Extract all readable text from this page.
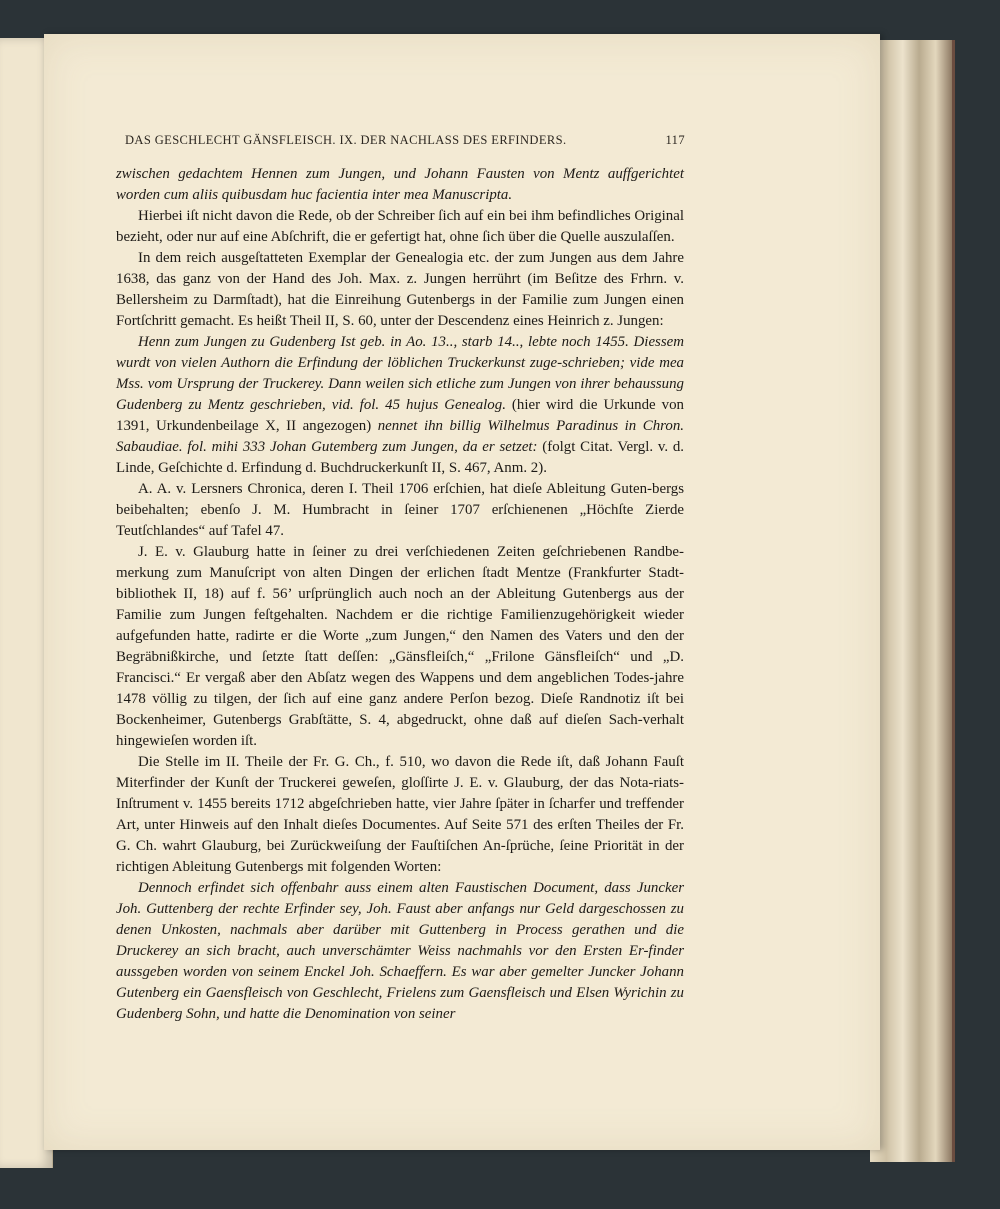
DAS GESCHLECHT GÄNSFLEISCH. IX. DER NACHLASS DES ERFINDERS.	117

zwischen gedachtem Hennen zum Jungen, und Johann Fausten von Mentz auffgerichtet worden cum aliis quibusdam huc facientia inter mea Manuscripta.

Hierbei iſt nicht davon die Rede, ob der Schreiber ſich auf ein bei ihm befindliches Original bezieht, oder nur auf eine Abſchrift, die er gefertigt hat, ohne ſich über die Quelle auszulaſſen.

In dem reich ausgeſtatteten Exemplar der Genealogia etc. der zum Jungen aus dem Jahre 1638, das ganz von der Hand des Joh. Max. z. Jungen herrührt (im Beſitze des Frhrn. v. Bellersheim zu Darmſtadt), hat die Einreihung Gutenbergs in der Familie zum Jungen einen Fortſchritt gemacht. Es heißt Theil II, S. 60, unter der Descendenz eines Heinrich z. Jungen:

Henn zum Jungen zu Gudenberg Ist geb. in Ao. 13.., starb 14.., lebte noch 1455. Diessem wurdt von vielen Authorn die Erfindung der löblichen Truckerkunst zuge-schrieben; vide mea Mss. vom Ursprung der Truckerey. Dann weilen sich etliche zum Jungen von ihrer behaussung Gudenberg zu Mentz geschrieben, vid. fol. 45 hujus Genealog. (hier wird die Urkunde von 1391, Urkundenbeilage X, II angezogen) nennet ihn billig Wilhelmus Paradinus in Chron. Sabaudiae. fol. mihi 333 Johan Gutemberg zum Jungen, da er setzet: (folgt Citat. Vergl. v. d. Linde, Geſchichte d. Erfindung d. Buchdruckerkunſt II, S. 467, Anm. 2).

A. A. v. Lersners Chronica, deren I. Theil 1706 erſchien, hat dieſe Ableitung Guten-bergs beibehalten; ebenſo J. M. Humbracht in ſeiner 1707 erſchienenen „Höchſte Zierde Teutſchlandes“ auf Tafel 47.

J. E. v. Glauburg hatte in ſeiner zu drei verſchiedenen Zeiten geſchriebenen Randbe-merkung zum Manuſcript von alten Dingen der erlichen ſtadt Mentze (Frankfurter Stadt-bibliothek II, 18) auf f. 56’ urſprünglich auch noch an der Ableitung Gutenbergs aus der Familie zum Jungen feſtgehalten. Nachdem er die richtige Familienzugehörigkeit wieder aufgefunden hatte, radirte er die Worte „zum Jungen,“ den Namen des Vaters und den der Begräbnißkirche, und ſetzte ſtatt deſſen: „Gänsfleiſch,“ „Frilone Gänsfleiſch“ und „D. Francisci.“ Er vergaß aber den Abſatz wegen des Wappens und dem angeblichen Todes-jahre 1478 völlig zu tilgen, der ſich auf eine ganz andere Perſon bezog. Dieſe Randnotiz iſt bei Bockenheimer, Gutenbergs Grabſtätte, S. 4, abgedruckt, ohne daß auf dieſen Sach-verhalt hingewieſen worden iſt.

Die Stelle im II. Theile der Fr. G. Ch., f. 510, wo davon die Rede iſt, daß Johann Fauſt Miterfinder der Kunſt der Truckerei geweſen, gloſſirte J. E. v. Glauburg, der das Nota-riats-Inſtrument v. 1455 bereits 1712 abgeſchrieben hatte, vier Jahre ſpäter in ſcharfer und treffender Art, unter Hinweis auf den Inhalt dieſes Documentes. Auf Seite 571 des erſten Theiles der Fr. G. Ch. wahrt Glauburg, bei Zurückweiſung der Fauſtiſchen An-ſprüche, ſeine Priorität in der richtigen Ableitung Gutenbergs mit folgenden Worten:

Dennoch erfindet sich offenbahr auss einem alten Faustischen Document, dass Juncker Joh. Guttenberg der rechte Erfinder sey, Joh. Faust aber anfangs nur Geld dargeschossen zu denen Unkosten, nachmals aber darüber mit Guttenberg in Process gerathen und die Druckerey an sich bracht, auch unverschämter Weiss nachmahls vor den Ersten Er-finder aussgeben worden von seinem Enckel Joh. Schaeffern. Es war aber gemelter Juncker Johann Gutenberg ein Gaensfleisch von Geschlecht, Frielens zum Gaensfleisch und Elsen Wyrichin zu Gudenberg Sohn, und hatte die Denomination von seiner
